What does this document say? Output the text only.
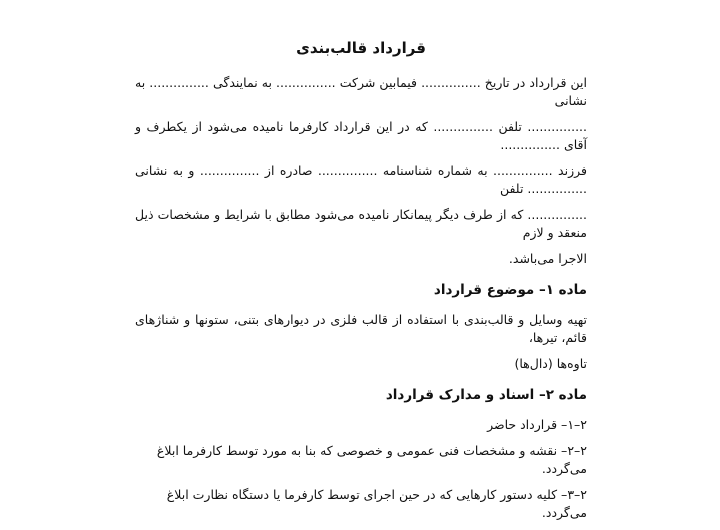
قرارداد قالب‌بندی
این قرارداد در تاریخ ............... فیمابین شرکت ............... به نمایندگی ............... به نشانی
............... تلفن ............... که در این قرارداد کارفرما نامیده می‌شود از یکطرف و آقای ...............
فرزند ............... به شماره شناسنامه ............... صادره از ............... و به نشانی ............... تلفن
............... که از طرف دیگر پیمانکار نامیده می‌شود مطابق با شرایط و مشخصات ذیل منعقد و لازم
الاجرا می‌باشد.
ماده ۱– موضوع قرارداد
تهیه وسایل و قالب‌بندی با استفاده از قالب فلزی در دیوارهای بتنی، ستونها و شناژهای قائم، تیرها،
تاوه‌ها (دال‌ها)
ماده ۲– اسناد و مدارک قرارداد
۲–۱– قرارداد حاضر
۲–۲– نقشه و مشخصات فنی عمومی و خصوصی که بنا به مورد توسط کارفرما ابلاغ می‌گردد.
۲–۳– کلیه دستور کارهایی که در حین اجرای توسط کارفرما یا دستگاه نظارت ابلاغ می‌گردد.
